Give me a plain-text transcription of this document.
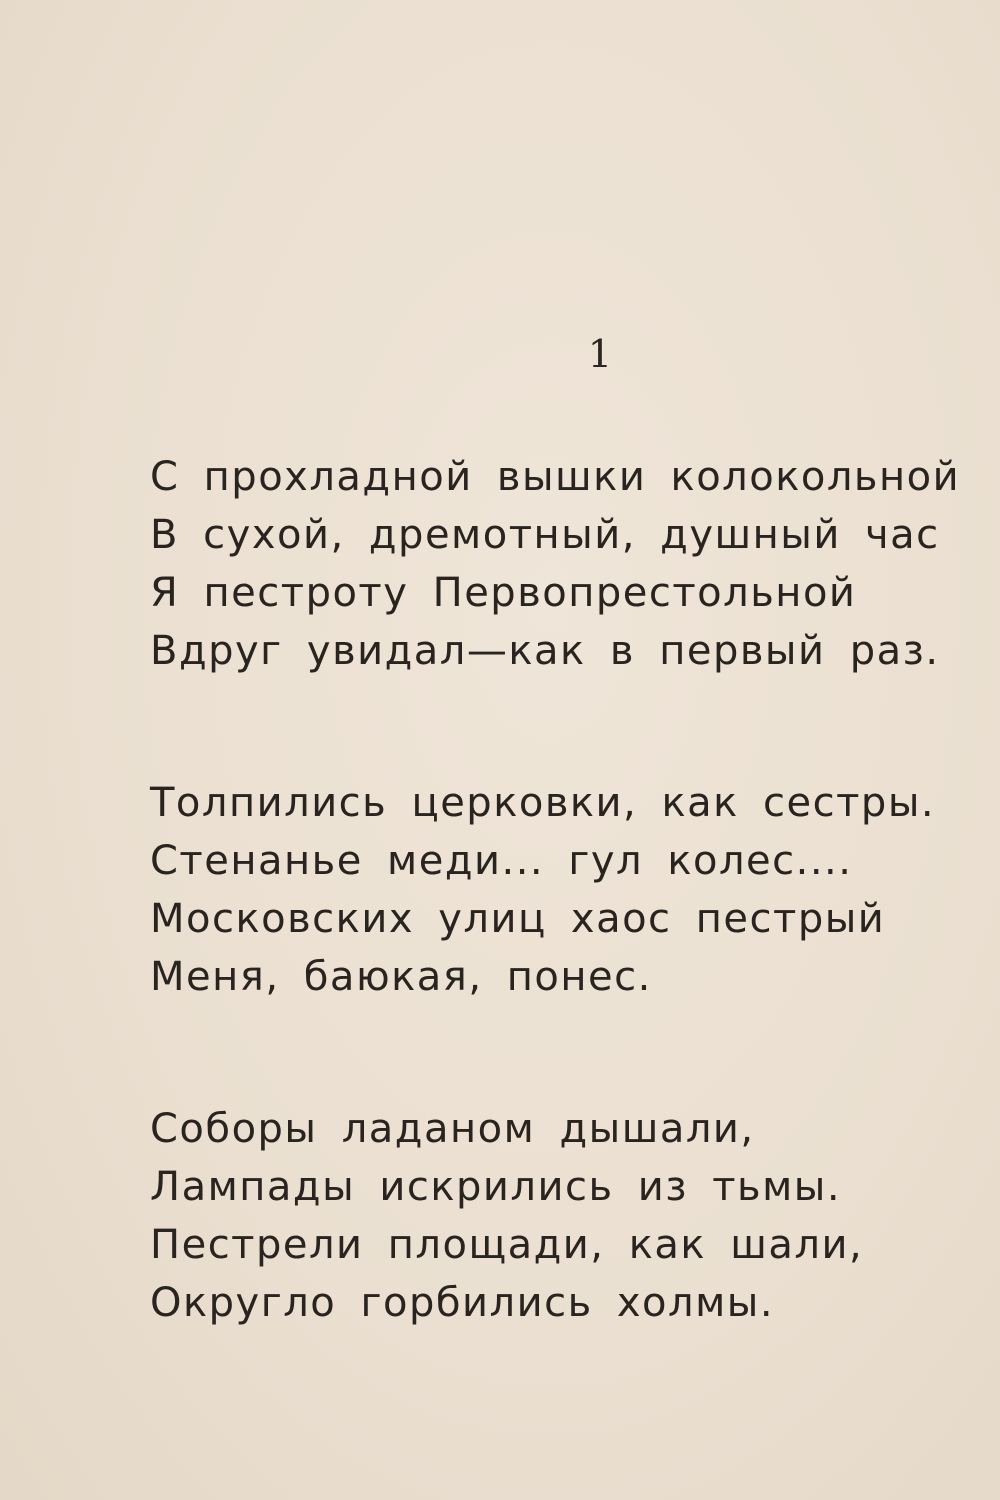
1
С прохладной вышки колокольной
В сухой, дремотный, душный час
Я пестроту Первопрестольной
Вдруг увидал—как в первый раз.
Толпились церковки, как сестры.
Стенанье меди... гул колес....
Московских улиц хаос пестрый
Меня, баюкая, понес.
Соборы ладаном дышали,
Лампады искрились из тьмы.
Пестрели площади, как шали,
Округло горбились холмы.
